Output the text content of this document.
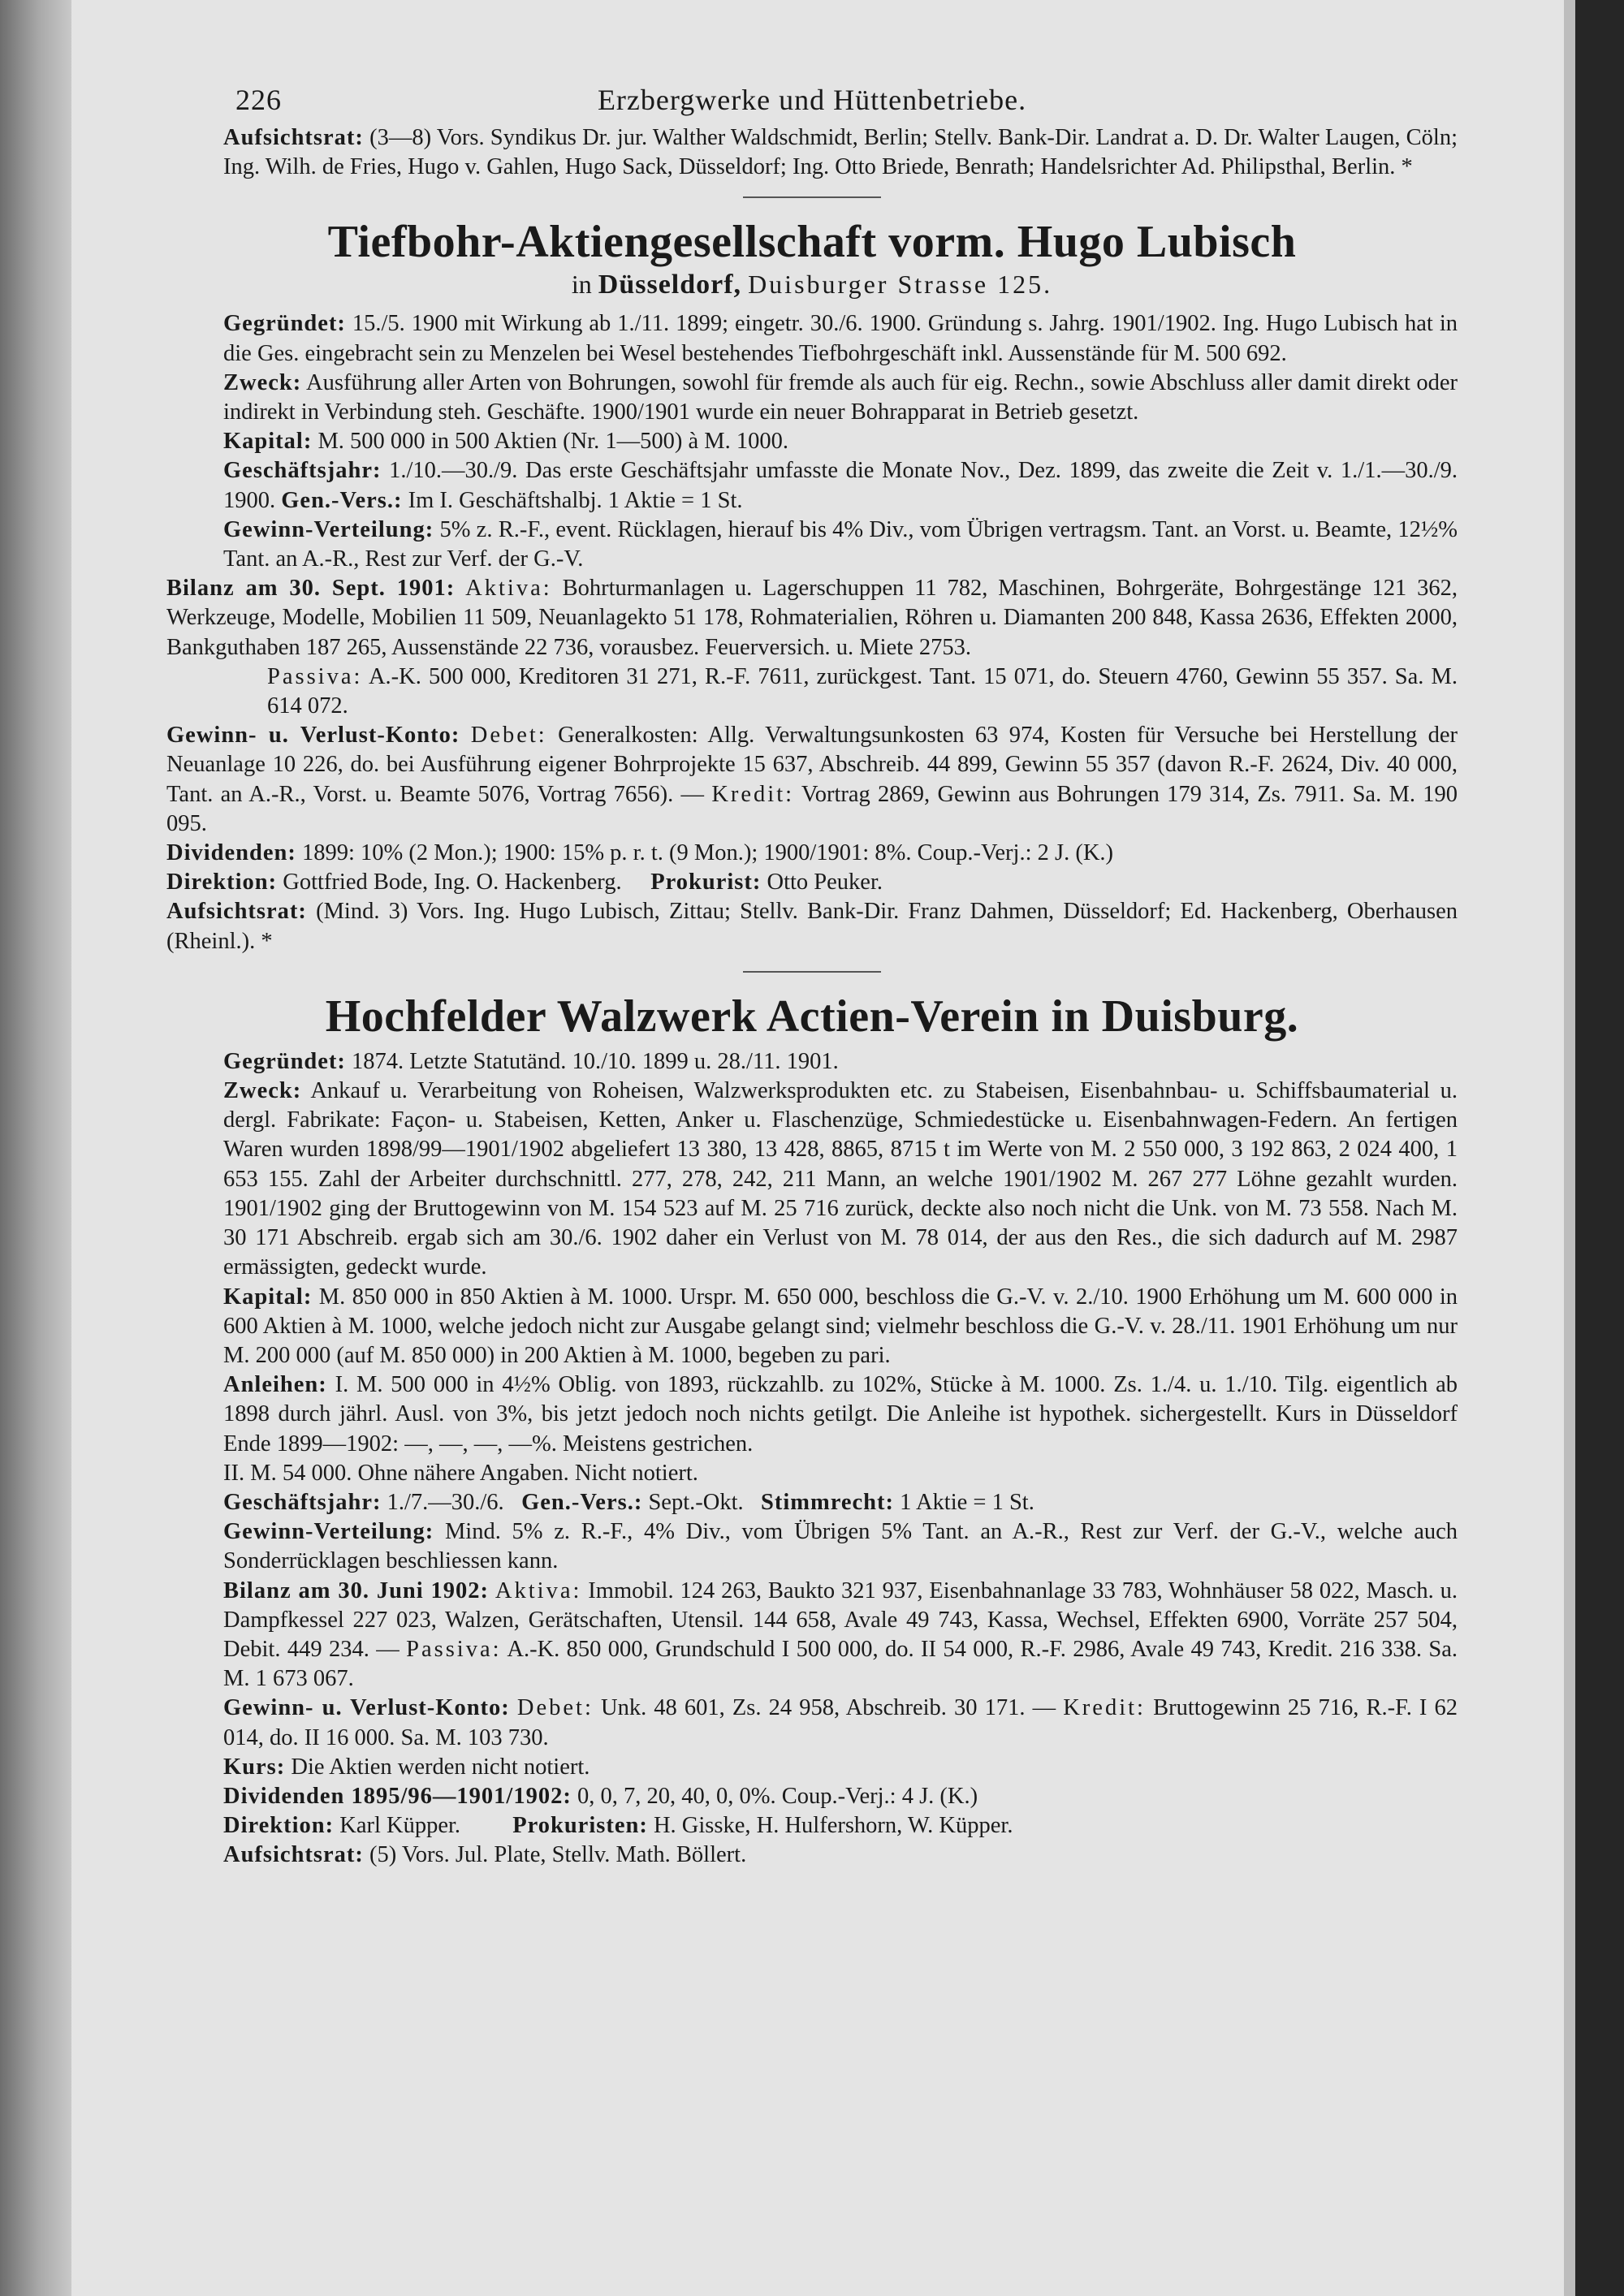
226	Erzbergwerke und Hüttenbetriebe.

Aufsichtsrat: (3—8) Vors. Syndikus Dr. jur. Walther Waldschmidt, Berlin; Stellv. Bank-Dir. Landrat a. D. Dr. Walter Laugen, Cöln; Ing. Wilh. de Fries, Hugo v. Gahlen, Hugo Sack, Düsseldorf; Ing. Otto Briede, Benrath; Handelsrichter Ad. Philipsthal, Berlin. *

Tiefbohr-Aktiengesellschaft vorm. Hugo Lubisch

in Düsseldorf, Duisburger Strasse 125.

Gegründet: 15./5. 1900 mit Wirkung ab 1./11. 1899; eingetr. 30./6. 1900. Gründung s. Jahrg. 1901/1902. Ing. Hugo Lubisch hat in die Ges. eingebracht sein zu Menzelen bei Wesel bestehendes Tiefbohrgeschäft inkl. Aussenstände für M. 500 692.

Zweck: Ausführung aller Arten von Bohrungen, sowohl für fremde als auch für eig. Rechn., sowie Abschluss aller damit direkt oder indirekt in Verbindung steh. Geschäfte. 1900/1901 wurde ein neuer Bohrapparat in Betrieb gesetzt.

Kapital: M. 500 000 in 500 Aktien (Nr. 1—500) à M. 1000.

Geschäftsjahr: 1./10.—30./9. Das erste Geschäftsjahr umfasste die Monate Nov., Dez. 1899, das zweite die Zeit v. 1./1.—30./9. 1900. Gen.-Vers.: Im I. Geschäftshalbj. 1 Aktie = 1 St.

Gewinn-Verteilung: 5% z. R.-F., event. Rücklagen, hierauf bis 4% Div., vom Übrigen vertragsm. Tant. an Vorst. u. Beamte, 12½% Tant. an A.-R., Rest zur Verf. der G.-V.

Bilanz am 30. Sept. 1901: Aktiva: Bohrturmanlagen u. Lagerschuppen 11 782, Maschinen, Bohrgeräte, Bohrgestänge 121 362, Werkzeuge, Modelle, Mobilien 11 509, Neuanlagekto 51 178, Rohmaterialien, Röhren u. Diamanten 200 848, Kassa 2636, Effekten 2000, Bankguthaben 187 265, Aussenstände 22 736, vorausbez. Feuerversich. u. Miete 2753.

Passiva: A.-K. 500 000, Kreditoren 31 271, R.-F. 7611, zurückgest. Tant. 15 071, do. Steuern 4760, Gewinn 55 357. Sa. M. 614 072.

Gewinn- u. Verlust-Konto: Debet: Generalkosten: Allg. Verwaltungsunkosten 63 974, Kosten für Versuche bei Herstellung der Neuanlage 10 226, do. bei Ausführung eigener Bohrprojekte 15 637, Abschreib. 44 899, Gewinn 55 357 (davon R.-F. 2624, Div. 40 000, Tant. an A.-R., Vorst. u. Beamte 5076, Vortrag 7656). — Kredit: Vortrag 2869, Gewinn aus Bohrungen 179 314, Zs. 7911. Sa. M. 190 095.

Dividenden: 1899: 10% (2 Mon.); 1900: 15% p. r. t. (9 Mon.); 1900/1901: 8%. Coup.-Verj.: 2 J. (K.)

Direktion: Gottfried Bode, Ing. O. Hackenberg. Prokurist: Otto Peuker.

Aufsichtsrat: (Mind. 3) Vors. Ing. Hugo Lubisch, Zittau; Stellv. Bank-Dir. Franz Dahmen, Düsseldorf; Ed. Hackenberg, Oberhausen (Rheinl.). *

Hochfelder Walzwerk Actien-Verein in Duisburg.

Gegründet: 1874. Letzte Statutänd. 10./10. 1899 u. 28./11. 1901.

Zweck: Ankauf u. Verarbeitung von Roheisen, Walzwerksprodukten etc. zu Stabeisen, Eisenbahnbau- u. Schiffsbaumaterial u. dergl. Fabrikate: Façon- u. Stabeisen, Ketten, Anker u. Flaschenzüge, Schmiedestücke u. Eisenbahnwagen-Federn. An fertigen Waren wurden 1898/99—1901/1902 abgeliefert 13 380, 13 428, 8865, 8715 t im Werte von M. 2 550 000, 3 192 863, 2 024 400, 1 653 155. Zahl der Arbeiter durchschnittl. 277, 278, 242, 211 Mann, an welche 1901/1902 M. 267 277 Löhne gezahlt wurden. 1901/1902 ging der Bruttogewinn von M. 154 523 auf M. 25 716 zurück, deckte also noch nicht die Unk. von M. 73 558. Nach M. 30 171 Abschreib. ergab sich am 30./6. 1902 daher ein Verlust von M. 78 014, der aus den Res., die sich dadurch auf M. 2987 ermässigten, gedeckt wurde.

Kapital: M. 850 000 in 850 Aktien à M. 1000. Urspr. M. 650 000, beschloss die G.-V. v. 2./10. 1900 Erhöhung um M. 600 000 in 600 Aktien à M. 1000, welche jedoch nicht zur Ausgabe gelangt sind; vielmehr beschloss die G.-V. v. 28./11. 1901 Erhöhung um nur M. 200 000 (auf M. 850 000) in 200 Aktien à M. 1000, begeben zu pari.

Anleihen: I. M. 500 000 in 4½% Oblig. von 1893, rückzahlb. zu 102%, Stücke à M. 1000. Zs. 1./4. u. 1./10. Tilg. eigentlich ab 1898 durch jährl. Ausl. von 3%, bis jetzt jedoch noch nichts getilgt. Die Anleihe ist hypothek. sichergestellt. Kurs in Düsseldorf Ende 1899—1902: —, —, —, —%. Meistens gestrichen.

II. M. 54 000. Ohne nähere Angaben. Nicht notiert.

Geschäftsjahr: 1./7.—30./6. Gen.-Vers.: Sept.-Okt. Stimmrecht: 1 Aktie = 1 St.

Gewinn-Verteilung: Mind. 5% z. R.-F., 4% Div., vom Übrigen 5% Tant. an A.-R., Rest zur Verf. der G.-V., welche auch Sonderrücklagen beschliessen kann.

Bilanz am 30. Juni 1902: Aktiva: Immobil. 124 263, Baukto 321 937, Eisenbahnanlage 33 783, Wohnhäuser 58 022, Masch. u. Dampfkessel 227 023, Walzen, Gerätschaften, Utensil. 144 658, Avale 49 743, Kassa, Wechsel, Effekten 6900, Vorräte 257 504, Debit. 449 234. — Passiva: A.-K. 850 000, Grundschuld I 500 000, do. II 54 000, R.-F. 2986, Avale 49 743, Kredit. 216 338. Sa. M. 1 673 067.

Gewinn- u. Verlust-Konto: Debet: Unk. 48 601, Zs. 24 958, Abschreib. 30 171. — Kredit: Bruttogewinn 25 716, R.-F. I 62 014, do. II 16 000. Sa. M. 103 730.

Kurs: Die Aktien werden nicht notiert.

Dividenden 1895/96—1901/1902: 0, 0, 7, 20, 40, 0, 0%. Coup.-Verj.: 4 J. (K.)

Direktion: Karl Küpper. Prokuristen: H. Gisske, H. Hulfershorn, W. Küpper.

Aufsichtsrat: (5) Vors. Jul. Plate, Stellv. Math. Böllert.
